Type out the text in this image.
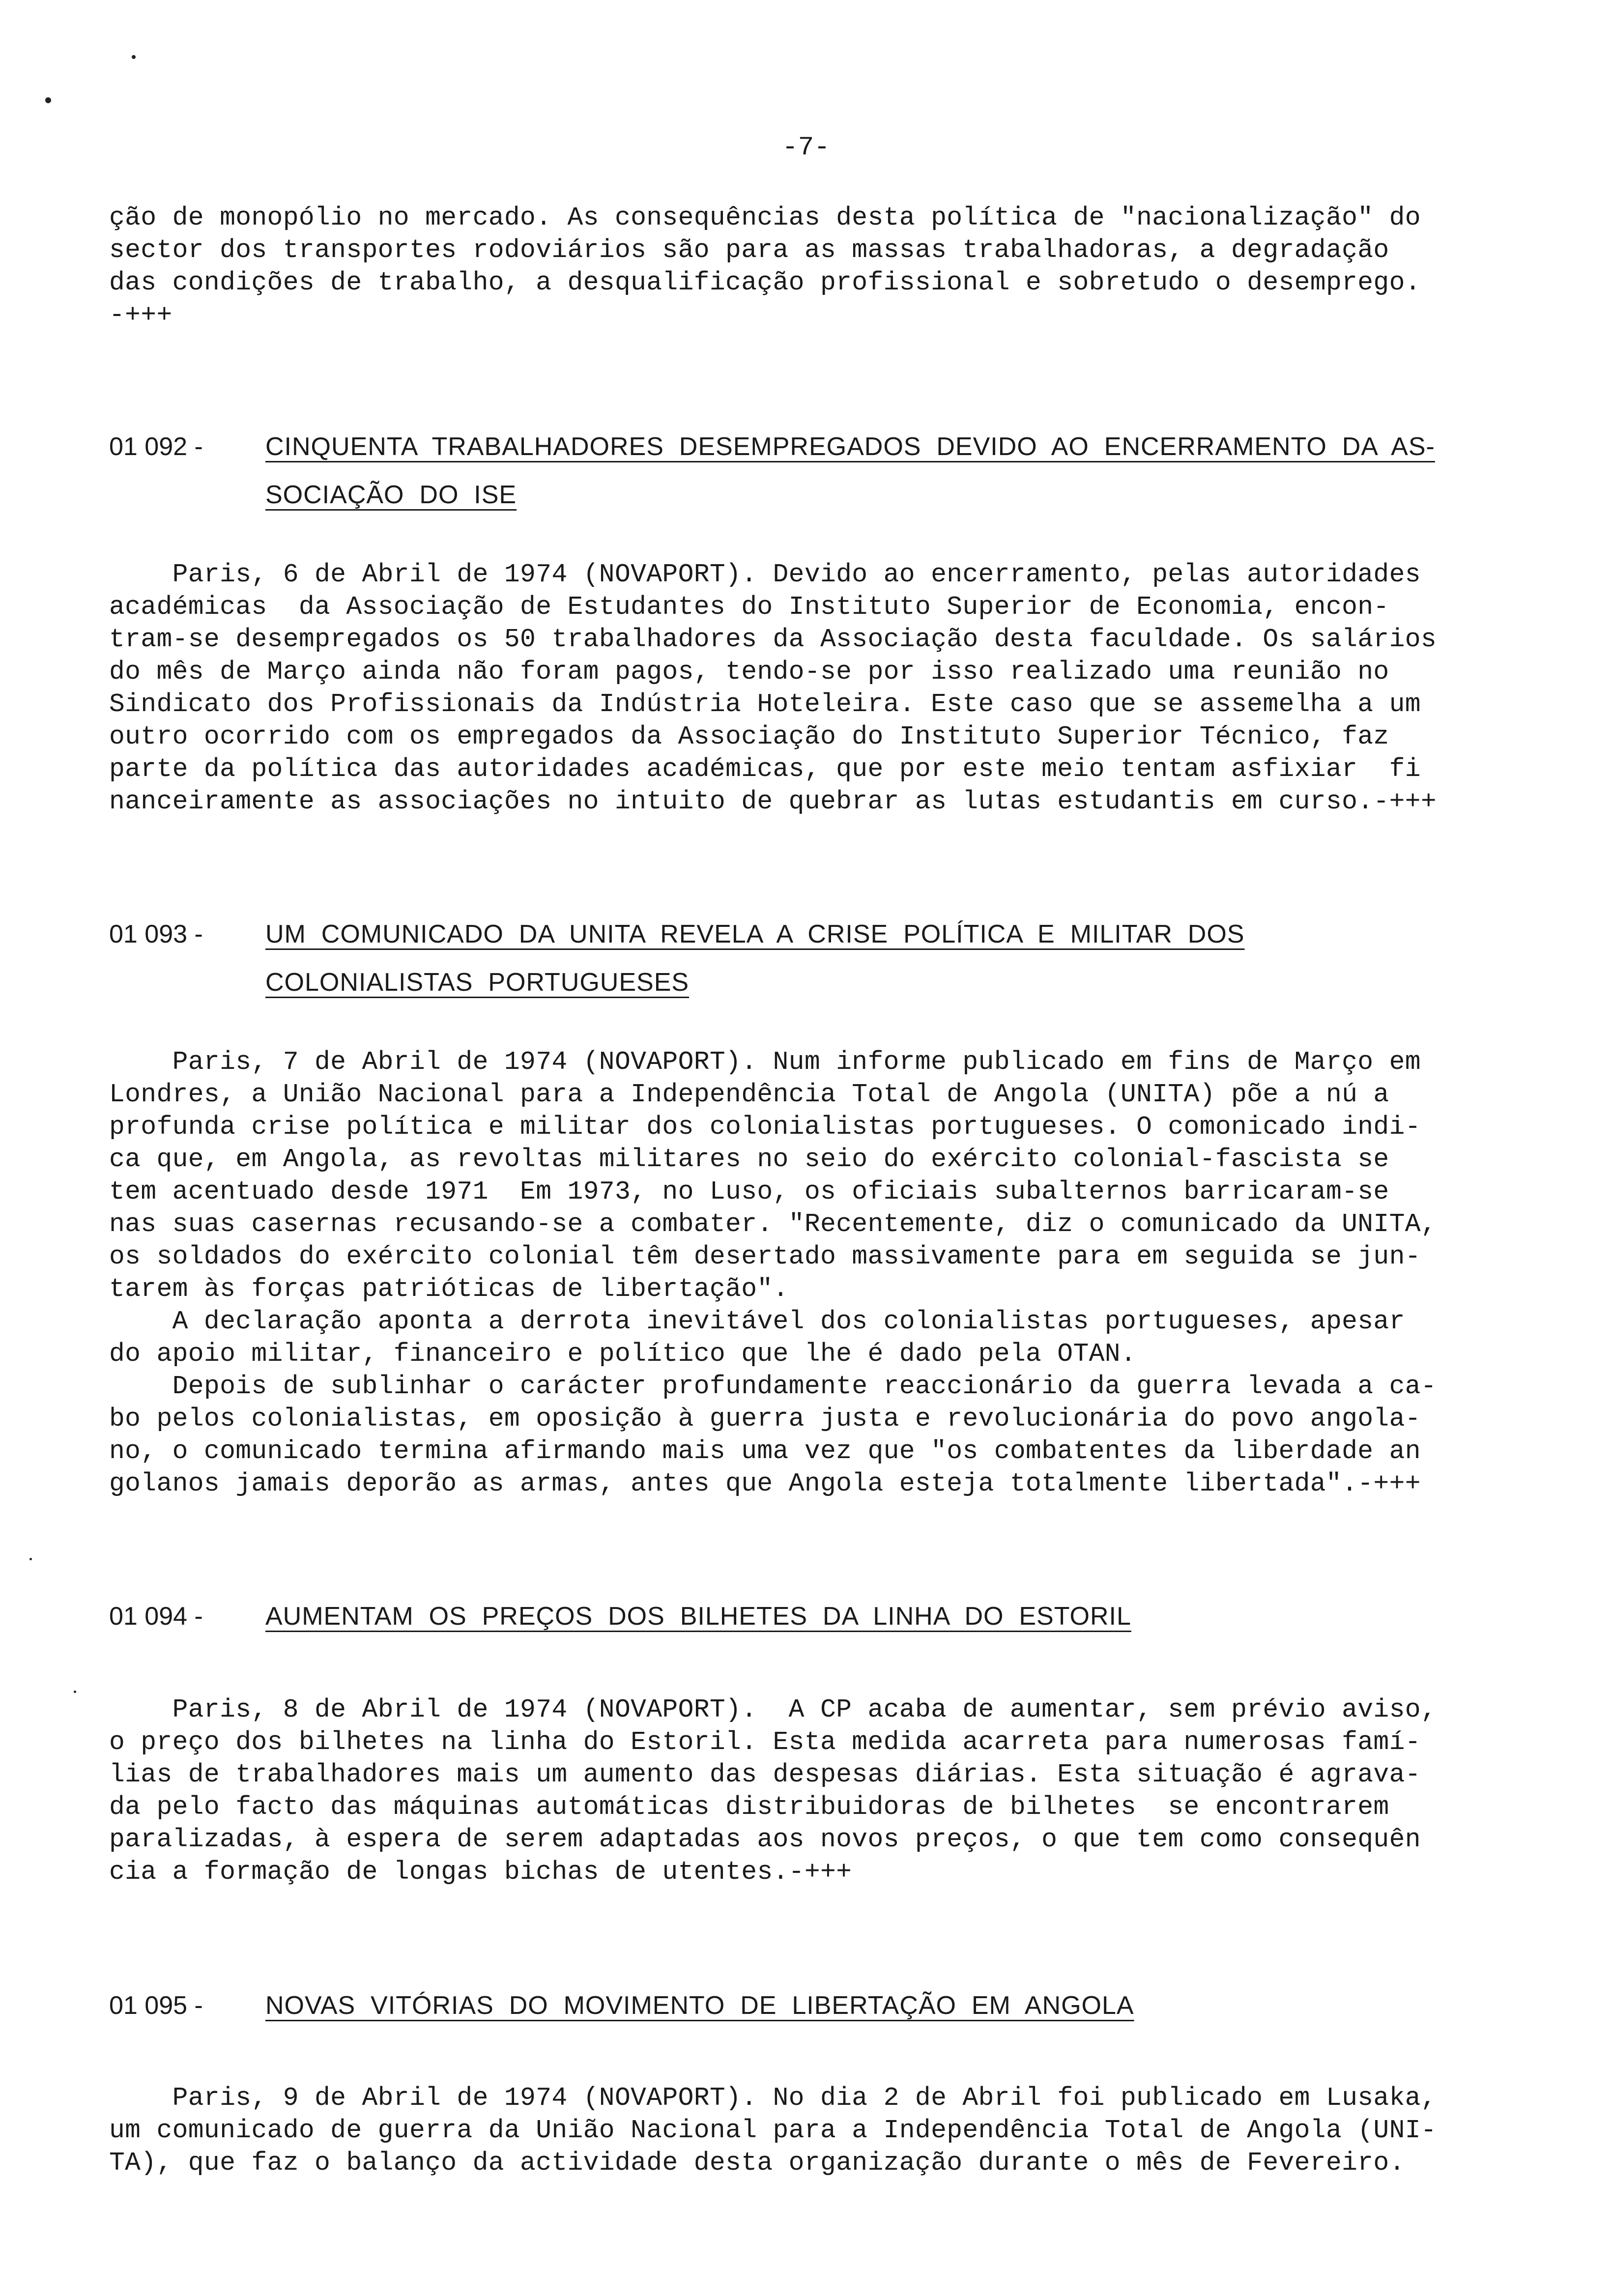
-7-
ção de monopólio no mercado. As consequências desta política de "nacionalização" do
sector dos transportes rodoviários são para as massas trabalhadoras, a degradação
das condições de trabalho, a desqualificação profissional e sobretudo o desemprego.
-+++
01 092 - CINQUENTA  TRABALHADORES  DESEMPREGADOS  DEVIDO  AO  ENCERRAMENTO  DA  AS-
SOCIAÇÃO  DO  ISE
Paris, 6 de Abril de 1974 (NOVAPORT). Devido ao encerramento, pelas autoridades
académicas  da Associação de Estudantes do Instituto Superior de Economia, encon-
tram-se desempregados os 50 trabalhadores da Associação desta faculdade. Os salários
do mês de Março ainda não foram pagos, tendo-se por isso realizado uma reunião no
Sindicato dos Profissionais da Indústria Hoteleira. Este caso que se assemelha a um
outro ocorrido com os empregados da Associação do Instituto Superior Técnico, faz
parte da política das autoridades académicas, que por este meio tentam asfixiar  fi
nanceiramente as associações no intuito de quebrar as lutas estudantis em curso.-+++
01 093 - UM  COMUNICADO  DA  UNITA  REVELA  A  CRISE  POLÍTICA  E  MILITAR  DOS
COLONIALISTAS  PORTUGUESES
Paris, 7 de Abril de 1974 (NOVAPORT). Num informe publicado em fins de Março em
Londres, a União Nacional para a Independência Total de Angola (UNITA) põe a nú a
profunda crise política e militar dos colonialistas portugueses. O comonicado indi-
ca que, em Angola, as revoltas militares no seio do exército colonial-fascista se
tem acentuado desde 1971  Em 1973, no Luso, os oficiais subalternos barricaram-se
nas suas casernas recusando-se a combater. "Recentemente, diz o comunicado da UNITA,
os soldados do exército colonial têm desertado massivamente para em seguida se jun-
tarem às forças patrióticas de libertação".
A declaração aponta a derrota inevitável dos colonialistas portugueses, apesar
do apoio militar, financeiro e político que lhe é dado pela OTAN.
Depois de sublinhar o carácter profundamente reaccionário da guerra levada a ca-
bo pelos colonialistas, em oposição à guerra justa e revolucionária do povo angola-
no, o comunicado termina afirmando mais uma vez que "os combatentes da liberdade an
golanos jamais deporão as armas, antes que Angola esteja totalmente libertada".-+++
01 094 - AUMENTAM  OS  PREÇOS  DOS  BILHETES  DA  LINHA  DO  ESTORIL
Paris, 8 de Abril de 1974 (NOVAPORT).  A CP acaba de aumentar, sem prévio aviso,
o preço dos bilhetes na linha do Estoril. Esta medida acarreta para numerosas famí-
lias de trabalhadores mais um aumento das despesas diárias. Esta situação é agrava-
da pelo facto das máquinas automáticas distribuidoras de bilhetes  se encontrarem
paralizadas, à espera de serem adaptadas aos novos preços, o que tem como consequên
cia a formação de longas bichas de utentes.-+++
01 095 - NOVAS  VITÓRIAS  DO  MOVIMENTO  DE  LIBERTAÇÃO  EM  ANGOLA
Paris, 9 de Abril de 1974 (NOVAPORT). No dia 2 de Abril foi publicado em Lusaka,
um comunicado de guerra da União Nacional para a Independência Total de Angola (UNI-
TA), que faz o balanço da actividade desta organização durante o mês de Fevereiro.
